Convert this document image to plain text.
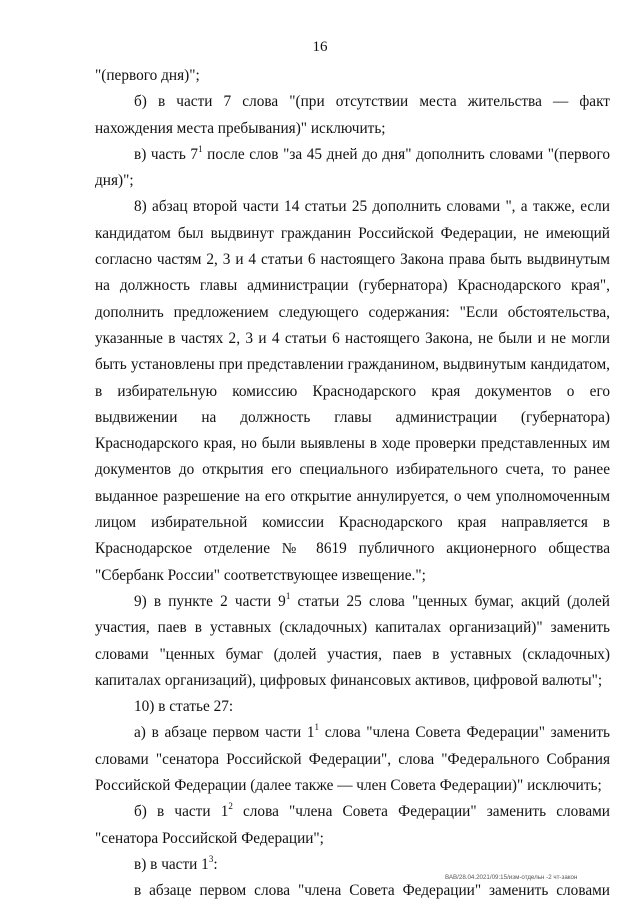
16

"(первого дня)";

б) в части 7 слова "(при отсутствии места жительства — факт нахождения места пребывания)" исключить;

в) часть $7^1$ после слов "за 45 дней до дня" дополнить словами "(первого дня)";

8) абзац второй части 14 статьи 25 дополнить словами ", а также, если кандидатом был выдвинут гражданин Российской Федерации, не имеющий согласно частям 2, 3 и 4 статьи 6 настоящего Закона права быть выдвинутым на должность главы администрации (губернатора) Краснодарского края", дополнить предложением следующего содержания: "Если обстоятельства, указанные в частях 2, 3 и 4 статьи 6 настоящего Закона, не были и не могли быть установлены при представлении гражданином, выдвинутым кандидатом, в избирательную комиссию Краснодарского края документов о его выдвижении на должность главы администрации (губернатора) Краснодарского края, но были выявлены в ходе проверки представленных им документов до открытия его специального избирательного счета, то ранее выданное разрешение на его открытие аннулируется, о чем уполномоченным лицом избирательной комиссии Краснодарского края направляется в Краснодарское отделение № 8619 публичного акционерного общества "Сбербанк России" соответствующее извещение.";

9) в пункте 2 части $9^1$ статьи 25 слова "ценных бумаг, акций (долей участия, паев в уставных (складочных) капиталах организаций)" заменить словами "ценных бумаг (долей участия, паев в уставных (складочных) капиталах организаций), цифровых финансовых активов, цифровой валюты";

10) в статье 27:

а) в абзаце первом части $1^1$ слова "члена Совета Федерации" заменить словами "сенатора Российской Федерации", слова "Федерального Собрания Российской Федерации (далее также — член Совета Федерации)" исключить;

б) в части $1^2$ слова "члена Совета Федерации" заменить словами "сенатора Российской Федерации";

в) в части $1^3$:

в абзаце первом слова "члена Совета Федерации" заменить словами

ВАВ/28.04.2021/09:15/изм-отдельн -2 чт-закон
